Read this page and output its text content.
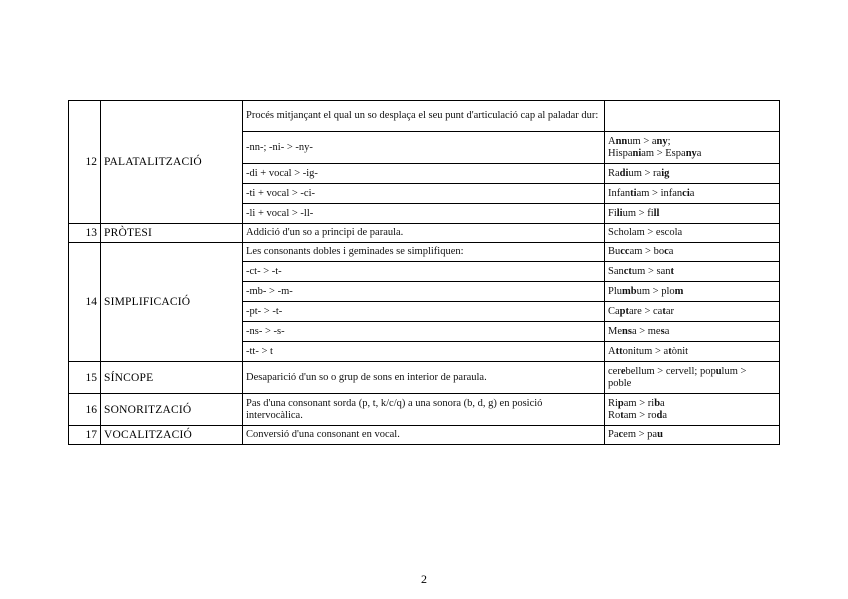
12	PALATALITZACIÓ	Procés mitjançant el qual un so desplaça el seu punt d'articulació cap al paladar dur:	
		-nn-; -ni- > -ny-	Annum > any;
Hispaniam > Espanya

		-di + vocal > -ig-	Radium > raig

		-ti + vocal > -ci-	Infantiam > infancia

		-li + vocal > -ll-	Filium > fill

13	PRÒTESI	Addició d'un so a principi de paraula.	Scholam > escola

14	SIMPLIFICACIÓ	Les consonants dobles i geminades se simplifiquen:	Buccam > boca

		-ct- > -t-	Sanctum > sant

		-mb- > -m-	Plumbum > plom

		-pt- > -t-	Captare > catar

		-ns- > -s-	Mensa > mesa

		-tt- > t	Attonitum > atònit

15	SÍNCOPE	Desaparició d'un so o grup de sons en interior de paraula.	cerebellum > cervell; populum >
poble

16	SONORITZACIÓ	Pas d'una consonant sorda (p, t, k/c/q) a una sonora (b, d, g) en posició intervocàlica.	Ripam > riba
Rotam > roda

17	VOCALITZACIÓ	Conversió d'una consonant en vocal.	Pacem > pau
2
